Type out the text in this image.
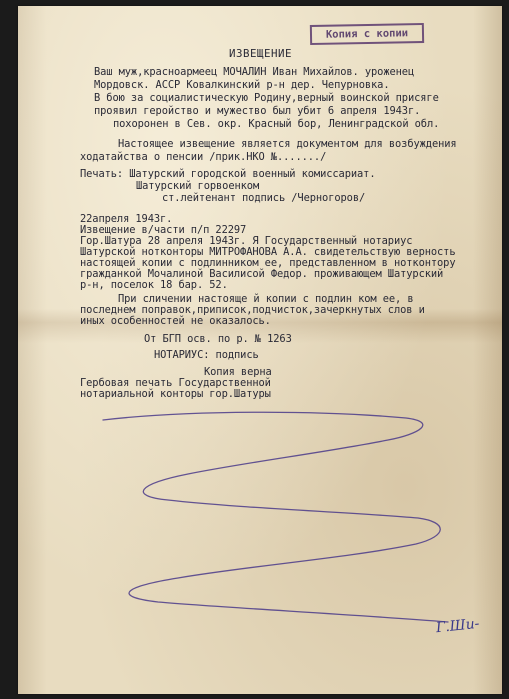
Копия с копии
ИЗВЕЩЕНИЕ
Ваш муж,красноармеец МОЧАЛИН Иван Михайлов. уроженец
Мордовск. АССР Ковалкинский р-н дер. Чепурновка.
В бою за социалистическую Родину,верный воинской присяге
проявил геройство и мужество был убит 6 апреля 1943г.
похоронен в Сев. окр. Красный бор, Ленинградской обл.
Настоящее извещение является документом для возбуждения
ходатайства о пенсии /прик.НКО №......./
Печать: Шатурский городской военный комиссариат.
Шатурский горвоенком
ст.лейтенант подпись /Черногоров/
22апреля 1943г.
Извещение в/части п/п 22297
Гор.Шатура 28 апреля 1943г. Я Государственный нотариус
Шатурской нотконторы МИТРОФАНОВА А.А. свидетельствую верность
настоящей копии с подлинником ее, представленном в нотконтору
гражданкой Мочалиной Василисой Федор. проживающем Шатурский
р-н, поселок 18 бар. 52.
При сличении настояще й копии с подлин ком ее, в
последнем поправок,приписок,подчисток,зачеркнутых слов и
иных особенностей не оказалось.
От БГП осв. по р. № 1263
НОТАРИУС: подпись
Копия верна
Гербовая печать Государственной
нотариальной конторы гор.Шатуры
Г.Ши-
